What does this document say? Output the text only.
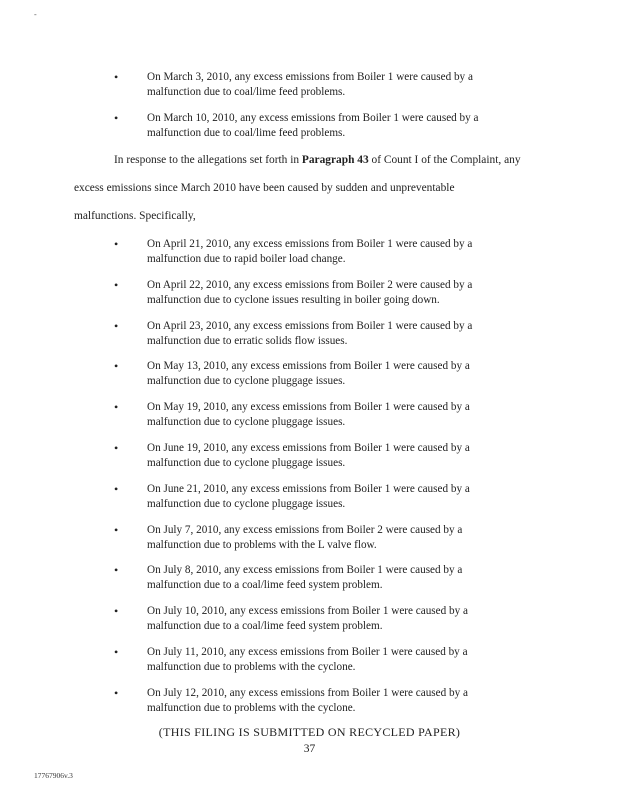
-
•	On March 3, 2010, any excess emissions from Boiler 1 were caused by a
malfunction due to coal/lime feed problems.
•	On March 10, 2010, any excess emissions from Boiler 1 were caused by a
malfunction due to coal/lime feed problems.
In response to the allegations set forth in Paragraph 43 of Count I of the Complaint, any
excess emissions since March 2010 have been caused by sudden and unpreventable
malfunctions. Specifically,
•	On April 21, 2010, any excess emissions from Boiler 1 were caused by a
malfunction due to rapid boiler load change.
•	On April 22, 2010, any excess emissions from Boiler 2 were caused by a
malfunction due to cyclone issues resulting in boiler going down.
•	On April 23, 2010, any excess emissions from Boiler 1 were caused by a
malfunction due to erratic solids flow issues.
•	On May 13, 2010, any excess emissions from Boiler 1 were caused by a
malfunction due to cyclone pluggage issues.
•	On May 19, 2010, any excess emissions from Boiler 1 were caused by a
malfunction due to cyclone pluggage issues.
•	On June 19, 2010, any excess emissions from Boiler 1 were caused by a
malfunction due to cyclone pluggage issues.
•	On June 21, 2010, any excess emissions from Boiler 1 were caused by a
malfunction due to cyclone pluggage issues.
•	On July 7, 2010, any excess emissions from Boiler 2 were caused by a
malfunction due to problems with the L valve flow.
•	On July 8, 2010, any excess emissions from Boiler 1 were caused by a
malfunction due to a coal/lime feed system problem.
•	On July 10, 2010, any excess emissions from Boiler 1 were caused by a
malfunction due to a coal/lime feed system problem.
•	On July 11, 2010, any excess emissions from Boiler 1 were caused by a
malfunction due to problems with the cyclone.
•	On July 12, 2010, any excess emissions from Boiler 1 were caused by a
malfunction due to problems with the cyclone.
(THIS FILING IS SUBMITTED ON RECYCLED PAPER)
37
17767906v.3
